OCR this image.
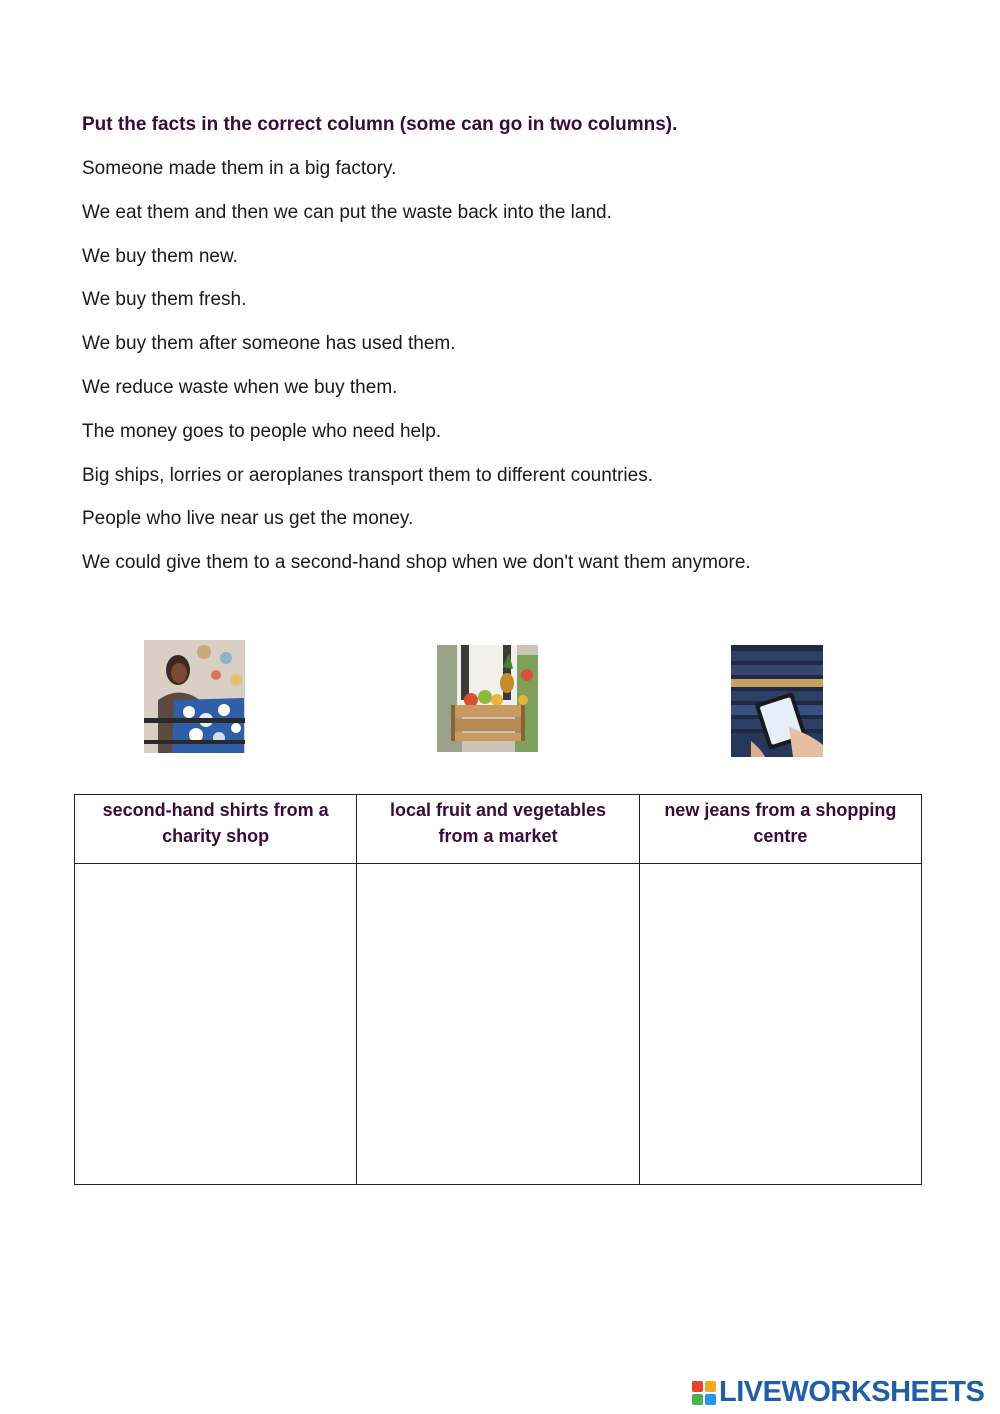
Put the facts in the correct column (some can go in two columns).
Someone made them in a big factory.
We eat them and then we can put the waste back into the land.
We buy them new.
We buy them fresh.
We buy them after someone has used them.
We reduce waste when we buy them.
The money goes to people who need help.
Big ships, lorries or aeroplanes transport them to different countries.
People who live near us get the money.
We could give them to a second-hand shop when we don't want them anymore.
second-hand shirts from a charity shop	local fruit and vegetables from a market	new jeans from a shopping centre

LIVEWORKSHEETS
